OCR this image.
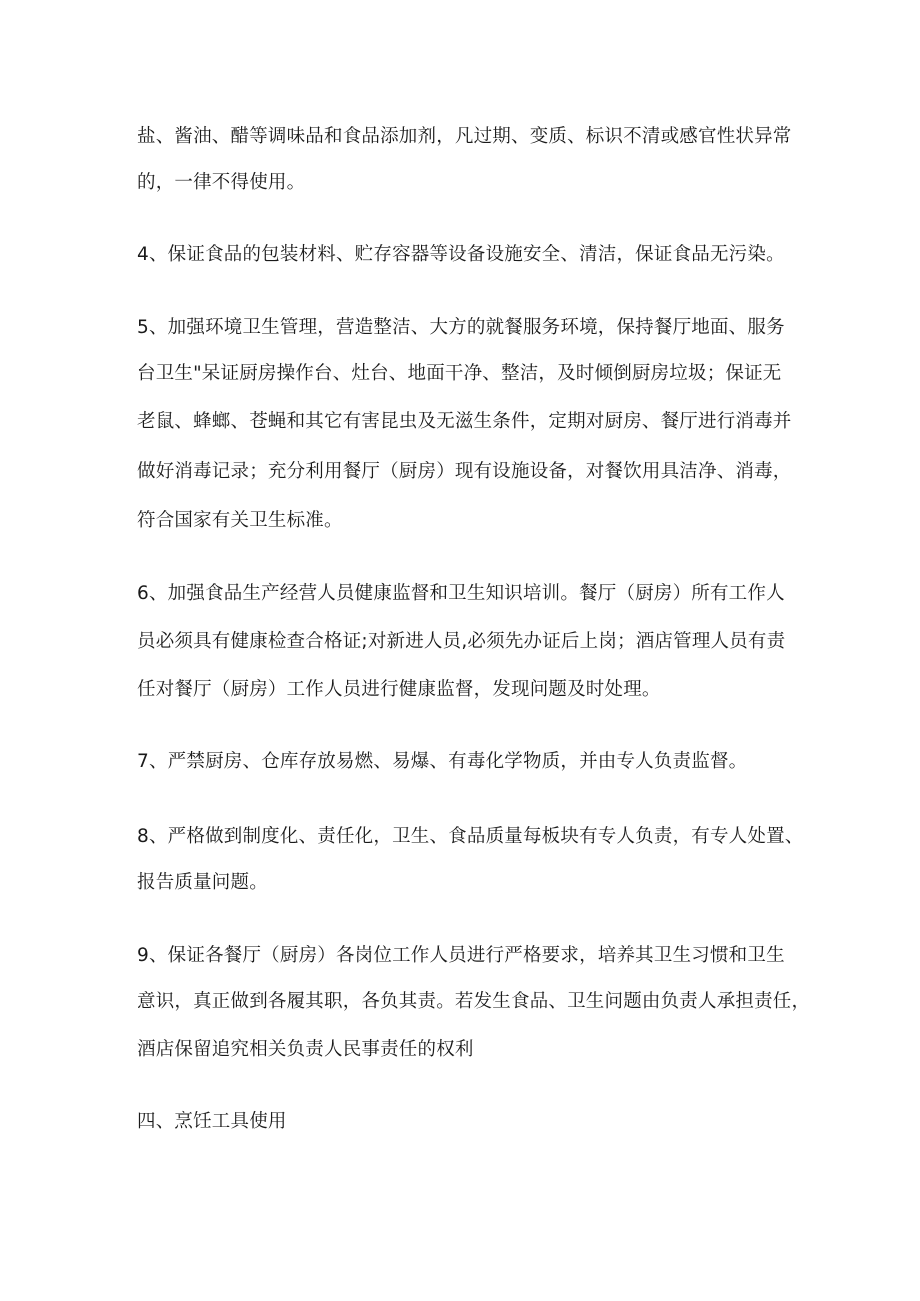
盐、酱油、醋等调味品和食品添加剂，凡过期、变质、标识不清或感官性状异常
的，一律不得使用。
4、保证食品的包装材料、贮存容器等设备设施安全、清洁，保证食品无污染。
5、加强环境卫生管理，营造整洁、大方的就餐服务环境，保持餐厅地面、服务
台卫生"呆证厨房操作台、灶台、地面干净、整洁，及时倾倒厨房垃圾；保证无
老鼠、蜂螂、苍蝇和其它有害昆虫及无滋生条件，定期对厨房、餐厅进行消毒并
做好消毒记录；充分利用餐厅（厨房）现有设施设备，对餐饮用具洁净、消毒，
符合国家有关卫生标准。
6、加强食品生产经营人员健康监督和卫生知识培训。餐厅（厨房）所有工作人
员必须具有健康检查合格证;对新进人员,必须先办证后上岗；酒店管理人员有责
任对餐厅（厨房）工作人员进行健康监督，发现问题及时处理。
7、严禁厨房、仓库存放易燃、易爆、有毒化学物质，并由专人负责监督。
8、严格做到制度化、责任化，卫生、食品质量每板块有专人负责，有专人处置、
报告质量问题。
9、保证各餐厅（厨房）各岗位工作人员进行严格要求，培养其卫生习惯和卫生
意识，真正做到各履其职，各负其责。若发生食品、卫生问题由负责人承担责任，
酒店保留追究相关负责人民事责任的权利
四、烹饪工具使用
